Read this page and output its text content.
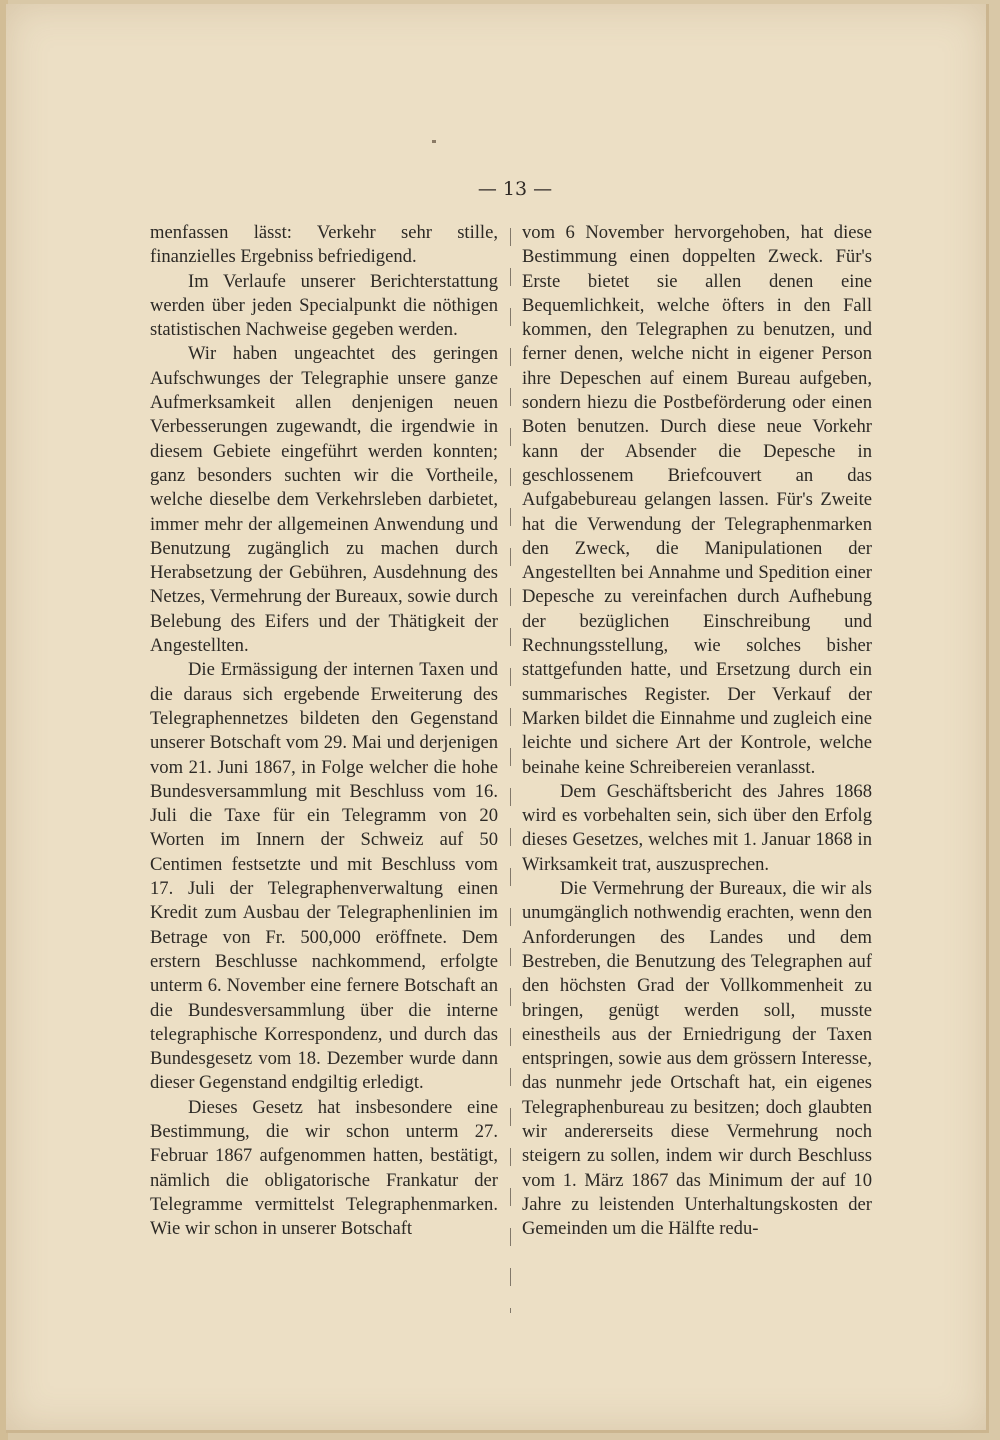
— 13 —

menfassen lässt: Verkehr sehr stille, finanzielles Ergebniss befriedigend.

Im Verlaufe unserer Berichterstattung werden über jeden Specialpunkt die nöthigen statistischen Nachweise gegeben werden.

Wir haben ungeachtet des geringen Aufschwunges der Telegraphie unsere ganze Aufmerksamkeit allen denjenigen neuen Verbesserungen zugewandt, die irgendwie in diesem Gebiete eingeführt werden konnten; ganz besonders suchten wir die Vortheile, welche dieselbe dem Verkehrsleben darbietet, immer mehr der allgemeinen Anwendung und Benutzung zugänglich zu machen durch Herabsetzung der Gebühren, Ausdehnung des Netzes, Vermehrung der Bureaux, sowie durch Belebung des Eifers und der Thätigkeit der Angestellten.

Die Ermässigung der internen Taxen und die daraus sich ergebende Erweiterung des Telegraphennetzes bildeten den Gegenstand unserer Botschaft vom 29. Mai und derjenigen vom 21. Juni 1867, in Folge welcher die hohe Bundesversammlung mit Beschluss vom 16. Juli die Taxe für ein Telegramm von 20 Worten im Innern der Schweiz auf 50 Centimen festsetzte und mit Beschluss vom 17. Juli der Telegraphenverwaltung einen Kredit zum Ausbau der Telegraphenlinien im Betrage von Fr. 500,000 eröffnete. Dem erstern Beschlusse nachkommend, erfolgte unterm 6. November eine fernere Botschaft an die Bundesversammlung über die interne telegraphische Korrespondenz, und durch das Bundesgesetz vom 18. Dezember wurde dann dieser Gegenstand endgiltig erledigt.

Dieses Gesetz hat insbesondere eine Bestimmung, die wir schon unterm 27. Februar 1867 aufgenommen hatten, bestätigt, nämlich die obligatorische Frankatur der Telegramme vermittelst Telegraphenmarken. Wie wir schon in unserer Botschaft

vom 6 November hervorgehoben, hat diese Bestimmung einen doppelten Zweck. Für's Erste bietet sie allen denen eine Bequemlichkeit, welche öfters in den Fall kommen, den Telegraphen zu benutzen, und ferner denen, welche nicht in eigener Person ihre Depeschen auf einem Bureau aufgeben, sondern hiezu die Postbeförderung oder einen Boten benutzen. Durch diese neue Vorkehr kann der Absender die Depesche in geschlossenem Briefcouvert an das Aufgabebureau gelangen lassen. Für's Zweite hat die Verwendung der Telegraphenmarken den Zweck, die Manipulationen der Angestellten bei Annahme und Spedition einer Depesche zu vereinfachen durch Aufhebung der bezüglichen Einschreibung und Rechnungsstellung, wie solches bisher stattgefunden hatte, und Ersetzung durch ein summarisches Register. Der Verkauf der Marken bildet die Einnahme und zugleich eine leichte und sichere Art der Kontrole, welche beinahe keine Schreibereien veranlasst.

Dem Geschäftsbericht des Jahres 1868 wird es vorbehalten sein, sich über den Erfolg dieses Gesetzes, welches mit 1. Januar 1868 in Wirksamkeit trat, auszusprechen.

Die Vermehrung der Bureaux, die wir als unumgänglich nothwendig erachten, wenn den Anforderungen des Landes und dem Bestreben, die Benutzung des Telegraphen auf den höchsten Grad der Vollkommenheit zu bringen, genügt werden soll, musste einestheils aus der Erniedrigung der Taxen entspringen, sowie aus dem grössern Interesse, das nunmehr jede Ortschaft hat, ein eigenes Telegraphenbureau zu besitzen; doch glaubten wir andererseits diese Vermehrung noch steigern zu sollen, indem wir durch Beschluss vom 1. März 1867 das Minimum der auf 10 Jahre zu leistenden Unterhaltungskosten der Gemeinden um die Hälfte redu-
